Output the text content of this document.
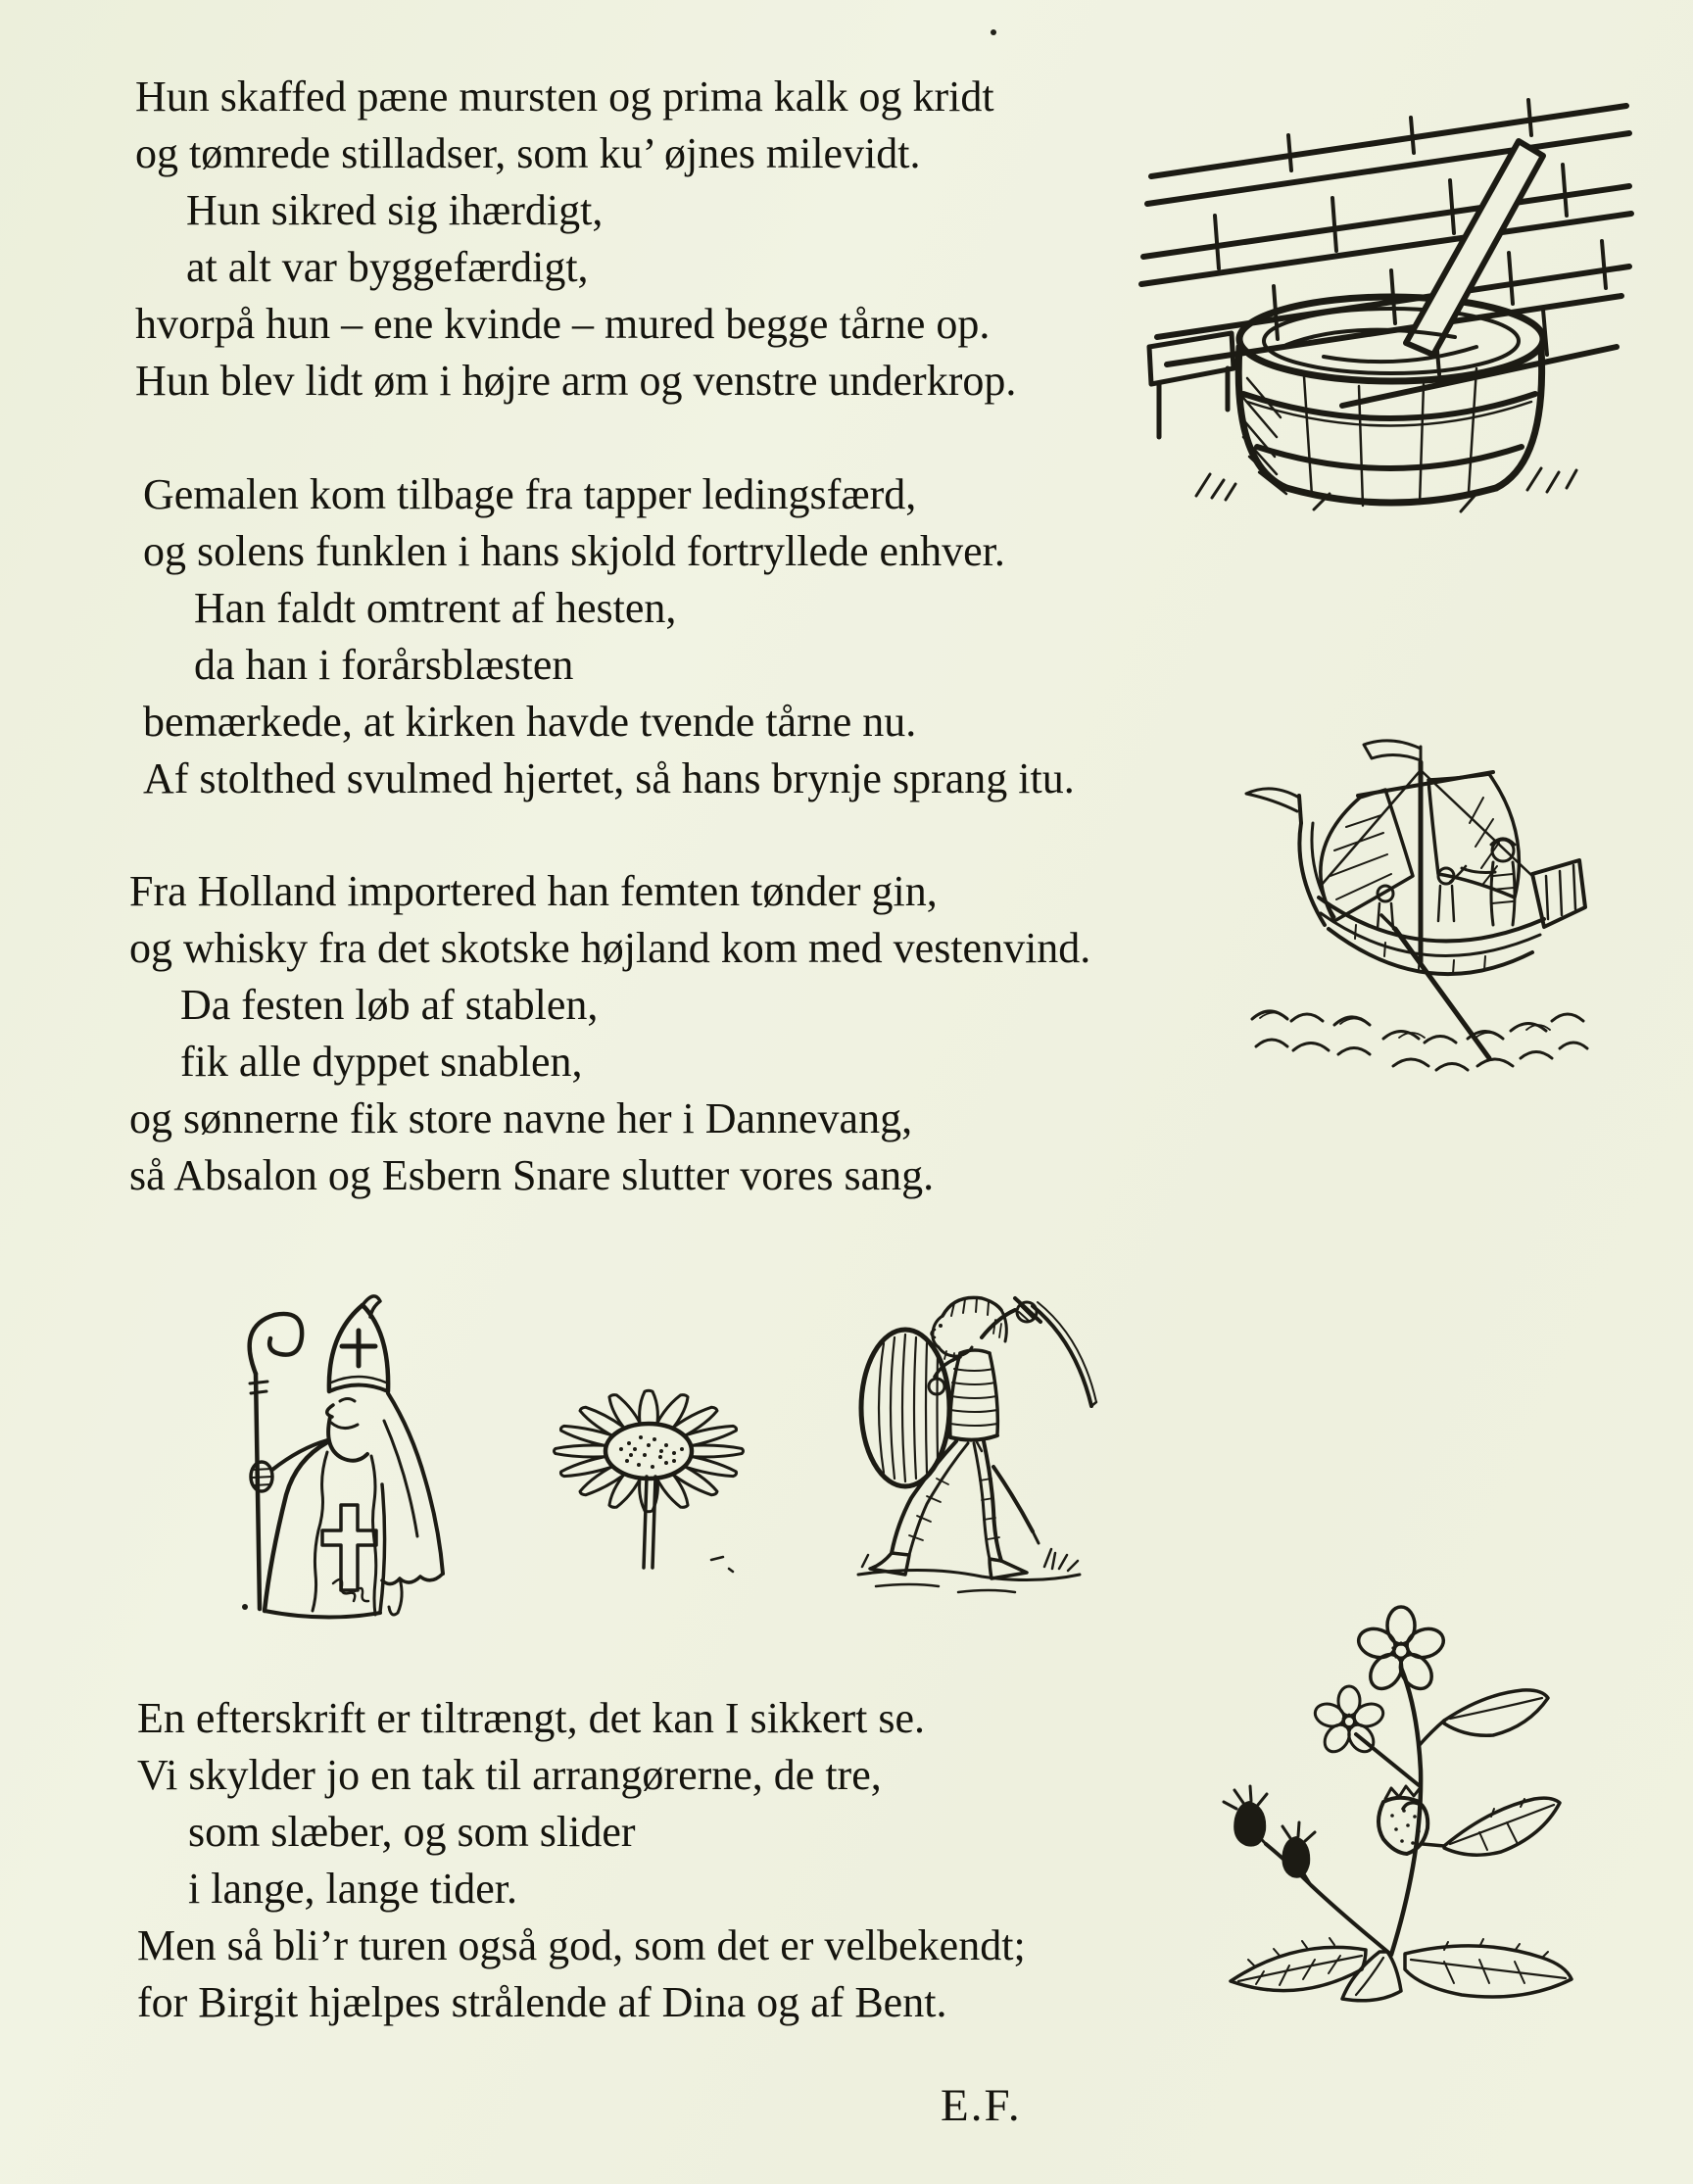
Hun skaffed pæne mursten og prima kalk og kridt
og tømrede stilladser, som ku’ øjnes milevidt.
Hun sikred sig ihærdigt,
at alt var byggefærdigt,
hvorpå hun – ene kvinde – mured begge tårne op.
Hun blev lidt øm i højre arm og venstre underkrop.
Gemalen kom tilbage fra tapper ledingsfærd,
og solens funklen i hans skjold fortryllede enhver.
Han faldt omtrent af hesten,
da han i forårsblæsten
bemærkede, at kirken havde tvende tårne nu.
Af stolthed svulmed hjertet, så hans brynje sprang itu.
Fra Holland importered han femten tønder gin,
og whisky fra det skotske højland kom med vestenvind.
Da festen løb af stablen,
fik alle dyppet snablen,
og sønnerne fik store navne her i Dannevang,
så Absalon og Esbern Snare slutter vores sang.
En efterskrift er tiltrængt, det kan I sikkert se.
Vi skylder jo en tak til arrangørerne, de tre,
som slæber, og som slider
i lange, lange tider.
Men så bli’r turen også god, som det er velbekendt;
for Birgit hjælpes strålende af Dina og af Bent.
E.F.
